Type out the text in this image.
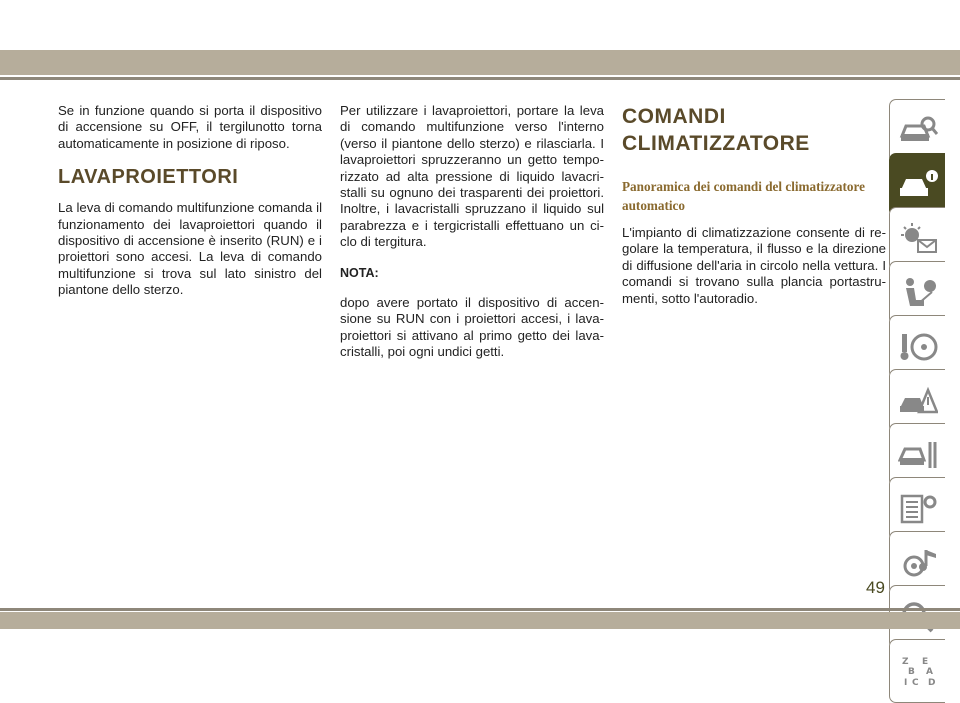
Se in funzione quando si porta il dispositivo di accensione su OFF, il tergilunotto torna automaticamente in posizione di riposo.

LAVAPROIETTORI

La leva di comando multifunzione comanda il funzionamento dei lavaproiettori quando il dispositivo di accensione è inserito (RUN) e i proiettori sono accesi. La leva di comando multifunzione si trova sul lato sinistro del piantone dello sterzo.

Per utilizzare i lavaproiettori, portare la leva di comando multifunzione verso l'interno (verso il piantone dello sterzo) e rilasciarla. I lavaproiettori spruzzeranno un getto tempo- rizzato ad alta pressione di liquido lavacri- stalli su ognuno dei trasparenti dei proiettori. Inoltre, i lavacristalli spruzzano il liquido sul parabrezza e i tergicristalli effettuano un ci- clo di tergitura.

NOTA:

dopo avere portato il dispositivo di accen- sione su RUN con i proiettori accesi, i lava- proiettori si attivano al primo getto dei lava- cristalli, poi ogni undici getti.

COMANDI
CLIMATIZZATORE
Panoramica dei comandi del climatizzatore automatico

L'impianto di climatizzazione consente di re- golare la temperatura, il flusso e la direzione di diffusione dell'aria in circolo nella vettura. I comandi si trovano sulla plancia portastru- menti, sotto l'autoradio.

Z E
B A
I C D
49
